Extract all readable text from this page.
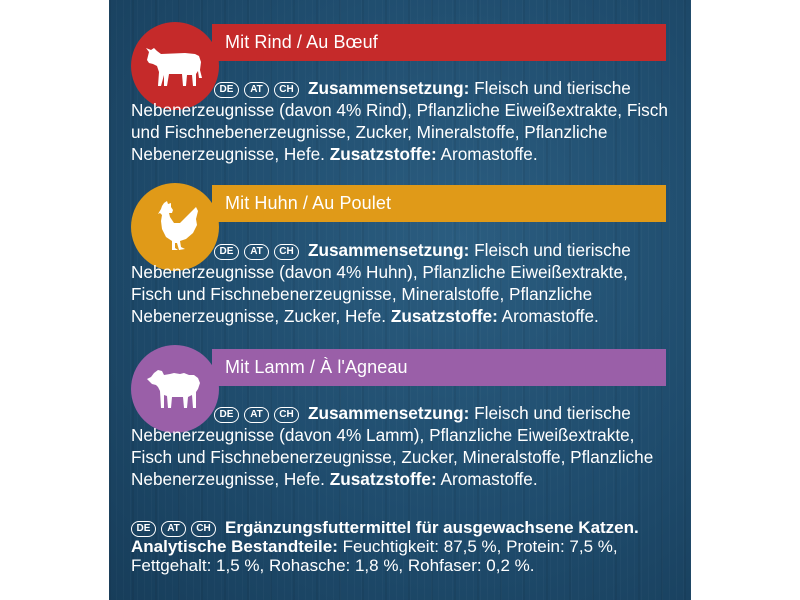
Mit Rind / Au Bœuf
DE AT CH Zusammensetzung: Fleisch und tierische Nebenerzeugnisse (davon 4% Rind), Pflanzliche Eiweißextrakte, Fisch und Fischnebenerzeugnisse, Zucker, Mineralstoffe, Pflanzliche Nebenerzeugnisse, Hefe. Zusatzstoffe: Aromastoffe.
Mit Huhn / Au Poulet
DE AT CH Zusammensetzung: Fleisch und tierische Nebenerzeugnisse (davon 4% Huhn), Pflanzliche Eiweißextrakte, Fisch und Fischnebenerzeugnisse, Mineralstoffe, Pflanzliche Nebenerzeugnisse, Zucker, Hefe. Zusatzstoffe: Aromastoffe.
Mit Lamm / À l'Agneau
DE AT CH Zusammensetzung: Fleisch und tierische Nebenerzeugnisse (davon 4% Lamm), Pflanzliche Eiweißextrakte, Fisch und Fischnebenerzeugnisse, Zucker, Mineralstoffe, Pflanzliche Nebenerzeugnisse, Hefe. Zusatzstoffe: Aromastoffe.
DE AT CH Ergänzungsfuttermittel für ausgewachsene Katzen.
Analytische Bestandteile: Feuchtigkeit: 87,5 %, Protein: 7,5 %, Fettgehalt: 1,5 %, Rohasche: 1,8 %, Rohfaser: 0,2 %.
